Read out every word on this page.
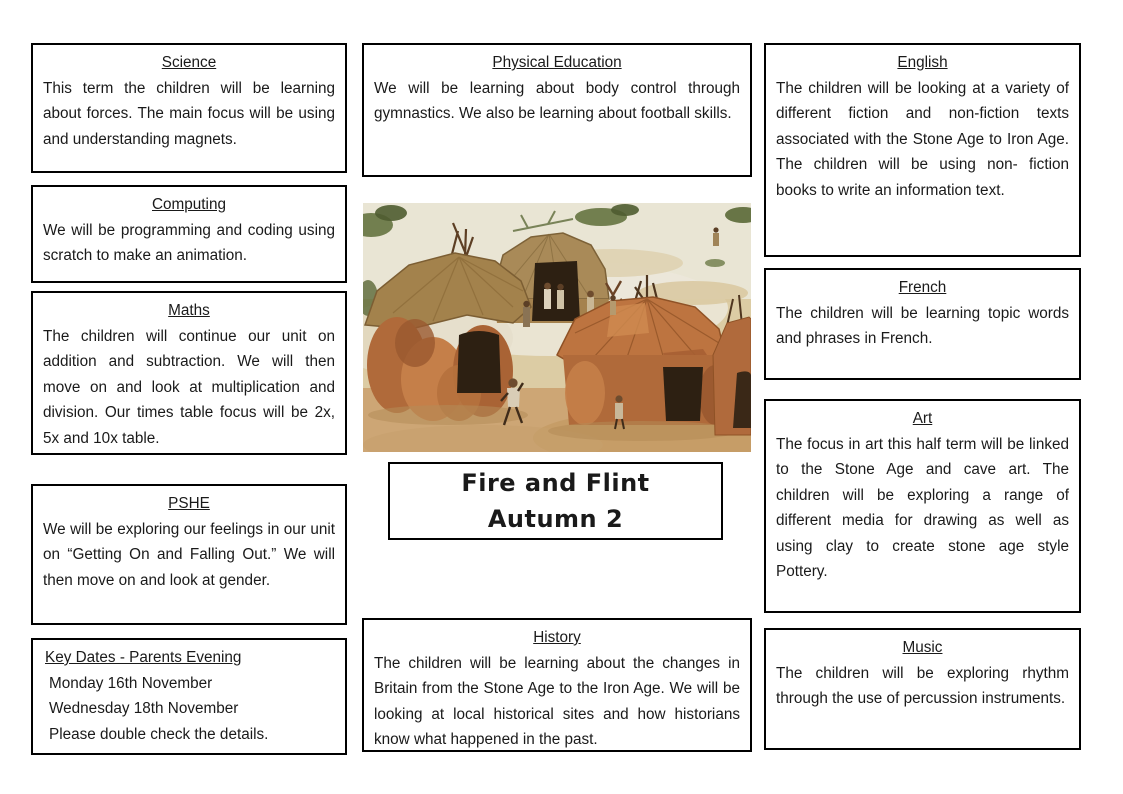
Science

This term the children will be learning about forces. The main focus will be using and understanding magnets.

Computing

We will be programming and coding using scratch to make an animation.

Maths

The children will continue our unit on addition and subtraction. We will then move on and look at multiplication and division. Our times table focus will be 2x, 5x and 10x table.

PSHE

We will be exploring our feelings in our unit on “Getting On and Falling Out.” We will then move on and look at gender.

Key Dates - Parents Evening

Monday 16th November

Wednesday 18th November

Please double check the details.

Physical Education

We will be learning about body control through gymnastics. We also be learning about football skills.

Fire and Flint
Autumn 2
History

The children will be learning about the changes in Britain from the Stone Age to the Iron Age. We will be looking at local historical sites and how historians know what happened in the past.

English

The children will be looking at a variety of different fiction and non-fiction texts associated with the Stone Age to Iron Age. The children will be using non- fiction books to write an information text.

French

The children will be learning topic words and phrases in French.

Art

The focus in art this half term will be linked to the Stone Age and cave art. The children will be exploring a range of different media for drawing as well as using clay to create stone age style Pottery.

Music

The children will be exploring rhythm through the use of percussion instruments.
